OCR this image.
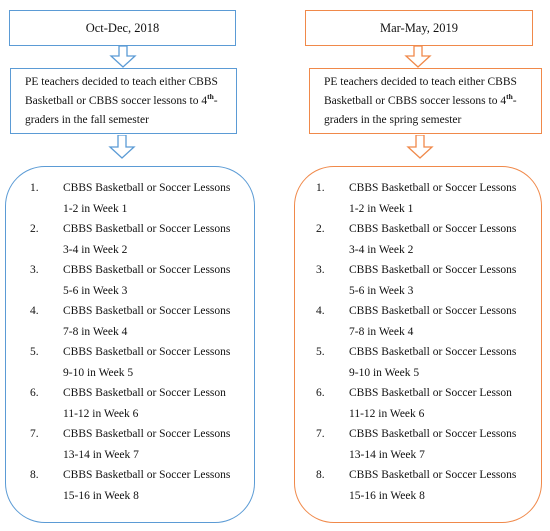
Oct-Dec, 2018
PE teachers decided to teach either CBBS Basketball or CBBS soccer lessons to 4th-graders in the fall semester
1. CBBS Basketball or Soccer Lessons 1-2 in Week 1
2. CBBS Basketball or Soccer Lessons 3-4 in Week 2
3. CBBS Basketball or Soccer Lessons 5-6 in Week 3
4. CBBS Basketball or Soccer Lessons 7-8 in Week 4
5. CBBS Basketball or Soccer Lessons 9-10 in Week 5
6. CBBS Basketball or Soccer Lesson 11-12 in Week 6
7. CBBS Basketball or Soccer Lessons 13-14 in Week 7
8. CBBS Basketball or Soccer Lessons 15-16 in Week 8
Mar-May, 2019
PE teachers decided to teach either CBBS Basketball or CBBS soccer lessons to 4th-graders in the spring semester
1. CBBS Basketball or Soccer Lessons 1-2 in Week 1
2. CBBS Basketball or Soccer Lessons 3-4 in Week 2
3. CBBS Basketball or Soccer Lessons 5-6 in Week 3
4. CBBS Basketball or Soccer Lessons 7-8 in Week 4
5. CBBS Basketball or Soccer Lessons 9-10 in Week 5
6. CBBS Basketball or Soccer Lesson 11-12 in Week 6
7. CBBS Basketball or Soccer Lessons 13-14 in Week 7
8. CBBS Basketball or Soccer Lessons 15-16 in Week 8
